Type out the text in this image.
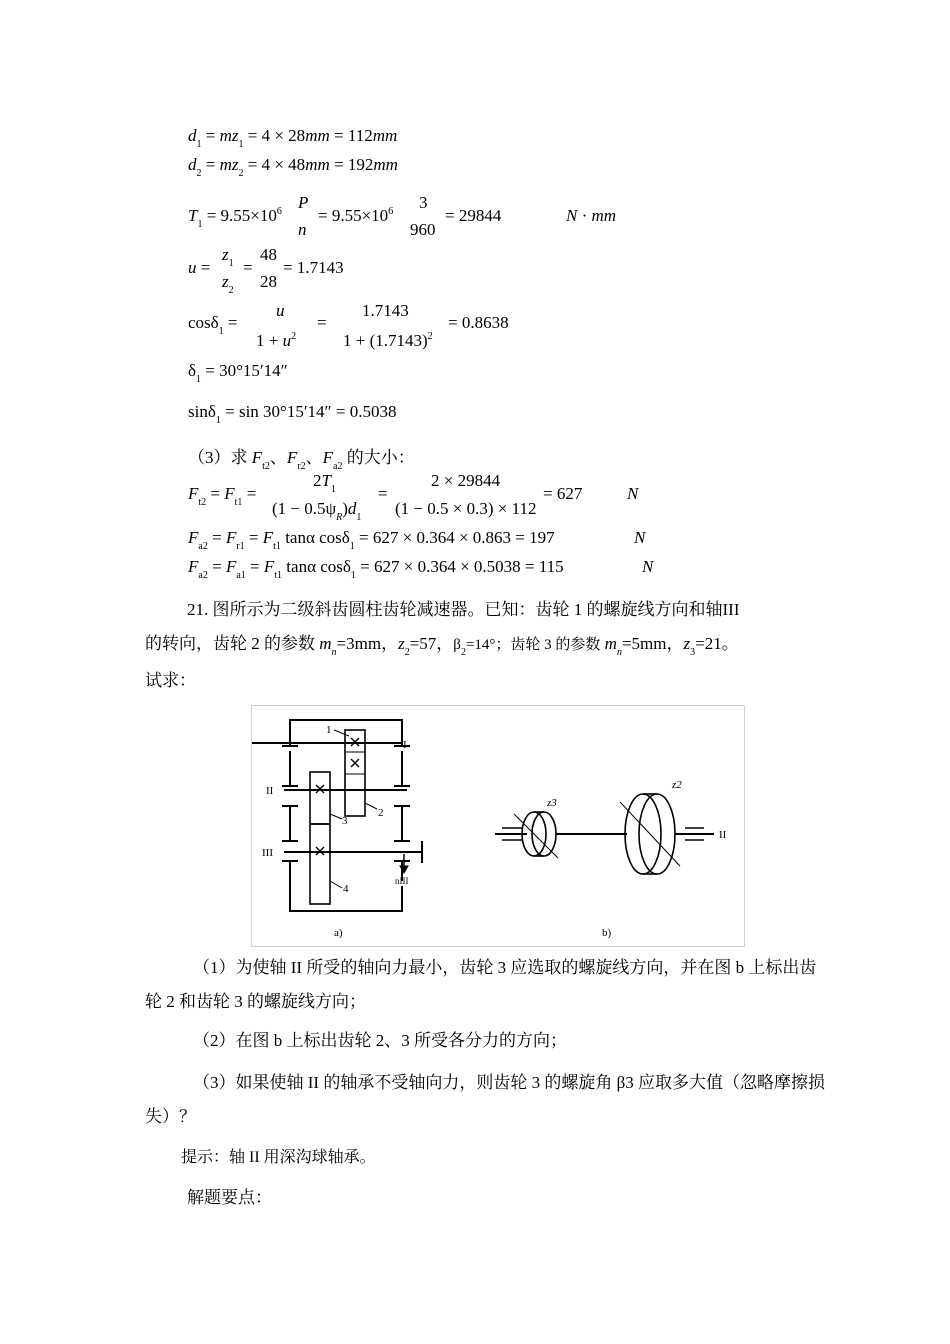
$d_1 = mz_1 = 4 \times 28mm = 112mm$
$d_2 = mz_2 = 4 \times 48mm = 192mm$
$T_1 = 9.55\times 10^6$ P
n
= $9.55\times 10^6$ 3
960
= 29844	N · mm
u =
$z_1$
$z_2$
=
48
28
= 1.7143
cosδ$_1$ =
u
$1 + u^2$
=
1.7143
$1 + (1.7143)^2$
= 0.8638
$\delta_1 = 30^\circ 15'14''$
sinδ$_1$ = sin 30°15′14″ = 0.5038
（3）求 $F_{t2}$、$F_{r2}$、$F_{a2}$ 的大小：
$F_{t2} = F_{t1}$ =
$2T_1$
$(1 - 0.5\psi_R)d_1$
=
2 × 29844
(1 − 0.5 × 0.3) × 112
= 627	N
$F_{a2} = F_{r1} = F_{t1}$ tanα cosδ$_1$ = 627 × 0.364 × 0.863 = 197	N
$F_{a2} = F_{a1} = F_{t1}$ tanα cosδ$_1$ = 627 × 0.364 × 0.5038 = 115	N
21. 图所示为二级斜齿圆柱齿轮减速器。已知：齿轮 1 的螺旋线方向和轴III
的转向，齿轮 2 的参数 $m_n=3mm$，$z_2=57$，$\beta_2=14^\circ$；齿轮 3 的参数 $m_n=5mm$，$z_3=21$。
试求：
1
I
II
III
2
3
4
nIII
a)	b)
z3
z2
II
（1）为使轴 II 所受的轴向力最小，齿轮 3 应选取的螺旋线方向，并在图 b 上标出齿轮 2 和齿轮 3 的螺旋线方向；
（2）在图 b 上标出齿轮 2、3 所受各分力的方向；
（3）如果使轴 II 的轴承不受轴向力，则齿轮 3 的螺旋角 β3 应取多大值（忽略摩擦损失）？
提示：轴 II 用深沟球轴承。
解题要点：
